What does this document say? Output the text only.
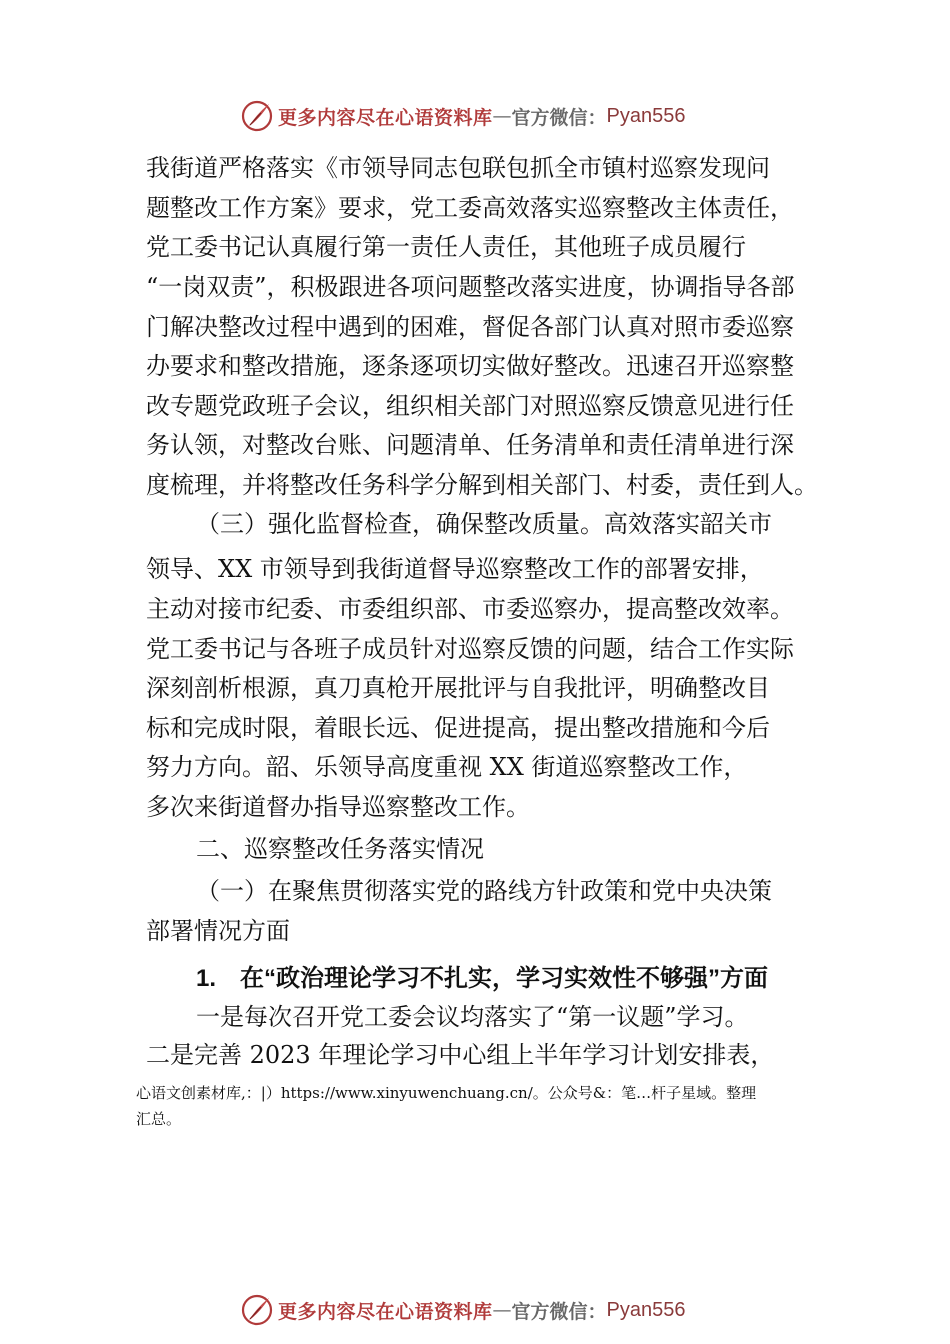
更多内容尽在心语资料库 — 官方微信： Pyan556
我街道严格落实《市领导同志包联包抓全市镇村巡察发现问
题整改工作方案》要求，党工委高效落实巡察整改主体责任，
党工委书记认真履行第一责任人责任，其他班子成员履行
“一岗双责”，积极跟进各项问题整改落实进度，协调指导各部
门解决整改过程中遇到的困难，督促各部门认真对照市委巡察
办要求和整改措施，逐条逐项切实做好整改。迅速召开巡察整
改专题党政班子会议，组织相关部门对照巡察反馈意见进行任
务认领，对整改台账、问题清单、任务清单和责任清单进行深
度梳理，并将整改任务科学分解到相关部门、村委，责任到人。
（三）强化监督检查，确保整改质量。高效落实韶关市
领导、XX 市领导到我街道督导巡察整改工作的部署安排，
主动对接市纪委、市委组织部、市委巡察办，提高整改效率。
党工委书记与各班子成员针对巡察反馈的问题，结合工作实际
深刻剖析根源，真刀真枪开展批评与自我批评，明确整改目
标和完成时限，着眼长远、促进提高，提出整改措施和今后
努力方向。韶、乐领导高度重视 XX 街道巡察整改工作，
多次来街道督办指导巡察整改工作。
二、巡察整改任务落实情况
（一）在聚焦贯彻落实党的路线方针政策和党中央决策
部署情况方面
1.　在“政治理论学习不扎实，学习实效性不够强”方面
一是每次召开党工委会议均落实了“第一议题”学习。
二是完善 2023 年理论学习中心组上半年学习计划安排表，
心语文创素材库,：|）https://www.xinyuwenchuang.cn/。公众号&：笔…杆子星域。整理
汇总。
更多内容尽在心语资料库 — 官方微信： Pyan556
